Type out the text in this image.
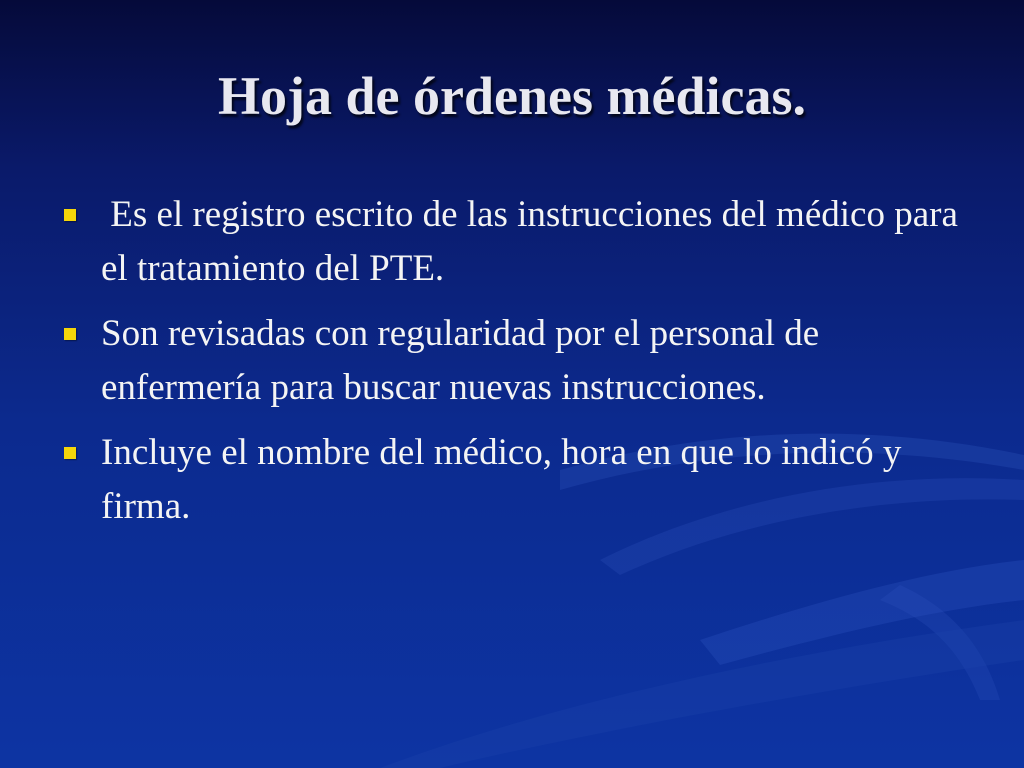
Hoja de órdenes médicas.
Es el registro escrito de las instrucciones del médico para el tratamiento del PTE.
Son revisadas con regularidad por el personal de enfermería para buscar nuevas instrucciones.
Incluye el nombre del médico, hora en que lo indicó y firma.
